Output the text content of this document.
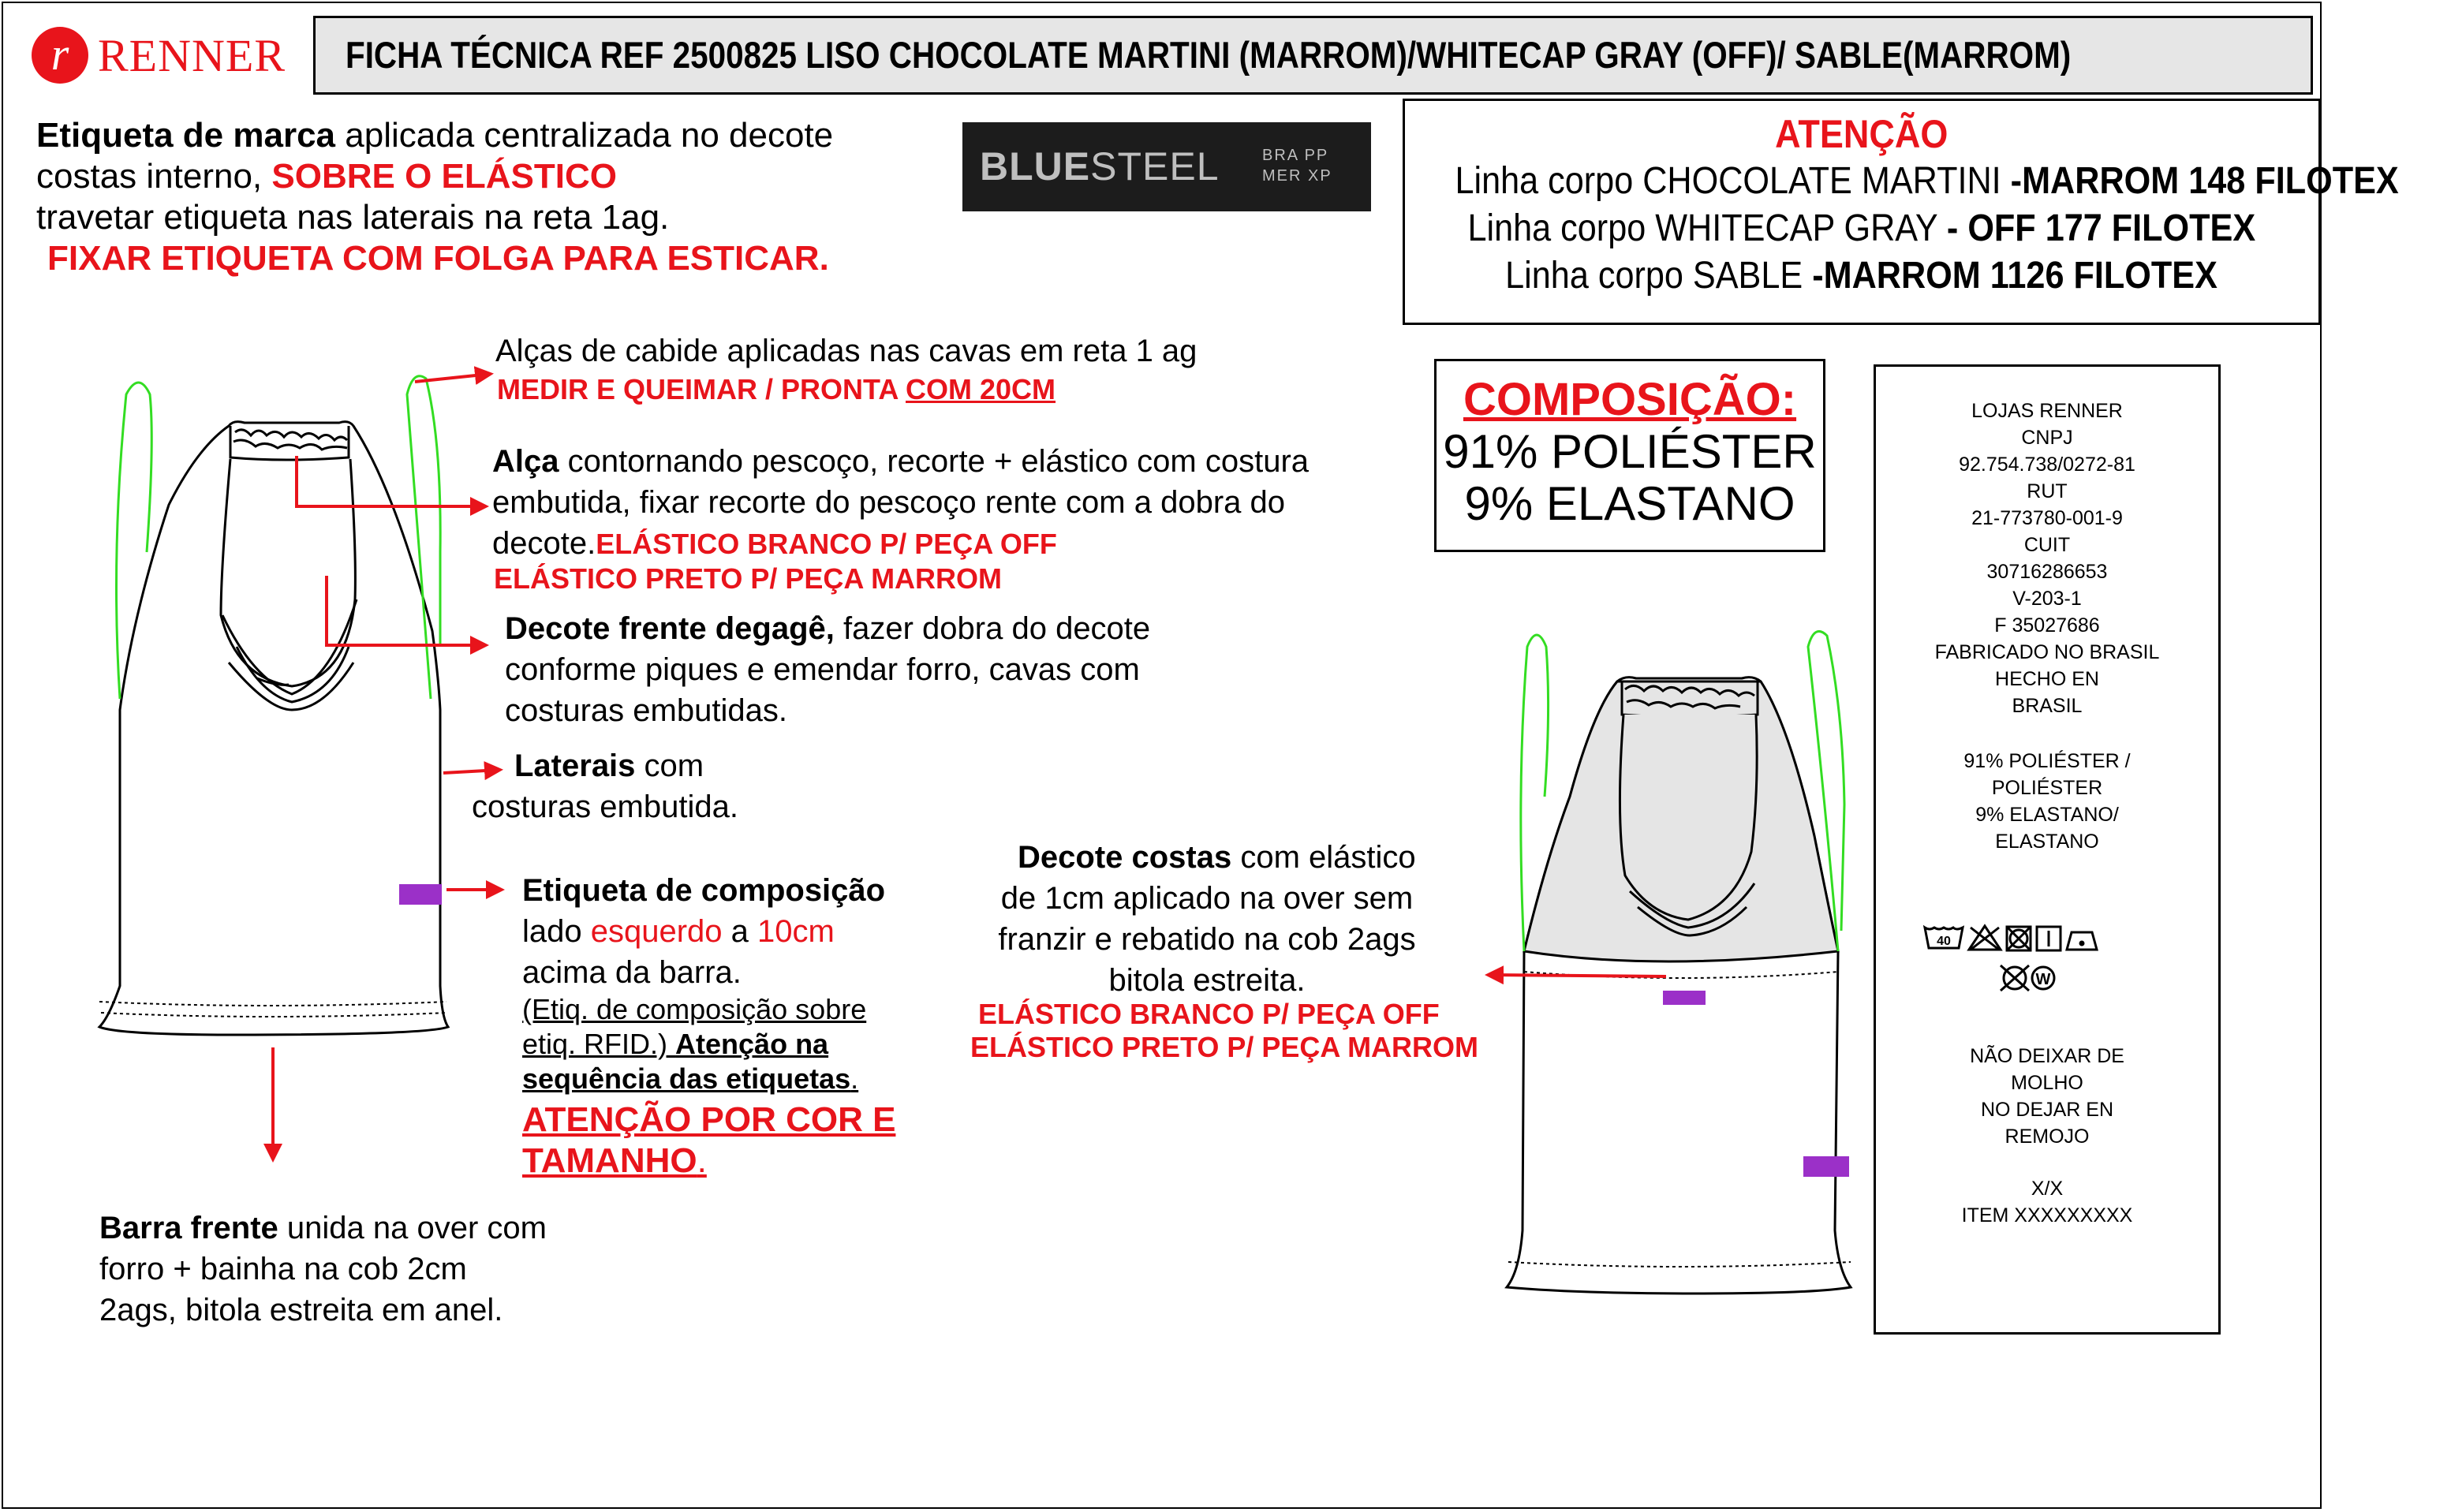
r RENNER FICHA TÉCNICA REF 2500825 LISO CHOCOLATE MARTINI (MARROM)/WHITECAP GRAY (OFF)/ SABLE(MARROM)
Etiqueta de marca aplicada centralizada no decote
costas interno, SOBRE O ELÁSTICO
travetar etiqueta nas laterais na reta 1ag.
FIXAR ETIQUETA COM FOLGA PARA ESTICAR.
BLUESTEEL	BRA PP
MER XP
ATENÇÃO
Linha corpo CHOCOLATE MARTINI -MARROM 148 FILOTEX
Linha corpo WHITECAP GRAY - OFF 177 FILOTEX
Linha corpo SABLE -MARROM 1126 FILOTEX
COMPOSIÇÃO:
91% POLIÉSTER
9% ELASTANO
LOJAS RENNER
CNPJ
92.754.738/0272-81
RUT
21-773780-001-9
CUIT
30716286653
V-203-1
F 35027686
FABRICADO NO BRASIL
HECHO EN
BRASIL
91% POLIÉSTER /
POLIÉSTER
9% ELASTANO/
ELASTANO
NÃO DEIXAR DE
MOLHO
NO DEJAR EN
REMOJO
X/X
ITEM XXXXXXXXX
40
W
Alças de cabide aplicadas nas cavas em reta 1 ag
MEDIR E QUEIMAR / PRONTA COM 20CM
Alça contornando pescoço, recorte + elástico com costura
embutida, fixar recorte do pescoço rente com a dobra do
decote.ELÁSTICO BRANCO P/ PEÇA OFF
ELÁSTICO PRETO P/ PEÇA MARROM
Decote frente degagê, fazer dobra do decote
conforme piques e emendar forro, cavas com
costuras embutidas.
Laterais com
costuras embutida.
Etiqueta de composição
lado esquerdo a 10cm
acima da barra.
(Etiq. de composição sobre
etiq. RFID.) Atenção na
sequência das etiquetas.
ATENÇÃO POR COR E
TAMANHO.
Barra frente unida na over com
forro + bainha na cob 2cm
2ags, bitola estreita em anel.
Decote costas com elástico
de 1cm aplicado na over sem
franzir e rebatido na cob 2ags
bitola estreita.
ELÁSTICO BRANCO P/ PEÇA OFF
ELÁSTICO PRETO P/ PEÇA MARROM
